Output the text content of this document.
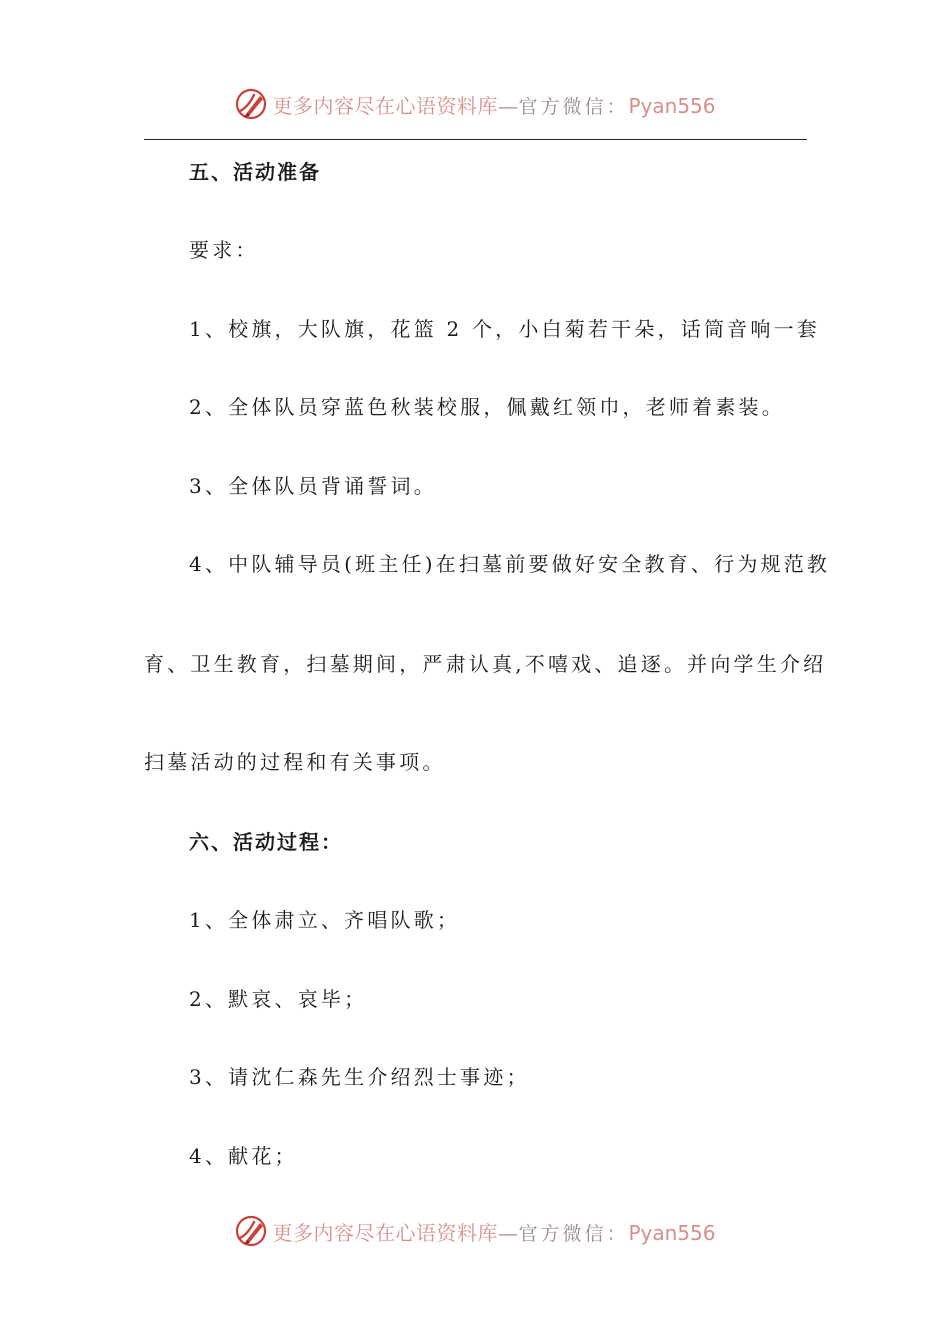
更多内容尽在心语资料库—官方微信：Pyan556
五、活动准备
要求：
1、校旗，大队旗，花篮 2 个，小白菊若干朵，话筒音响一套
2、全体队员穿蓝色秋装校服，佩戴红领巾，老师着素装。
3、全体队员背诵誓词。
4、中队辅导员(班主任)在扫墓前要做好安全教育、行为规范教
育、卫生教育，扫墓期间，严肃认真,不嘻戏、追逐。并向学生介绍
扫墓活动的过程和有关事项。
六、活动过程：
1、全体肃立、齐唱队歌；
2、默哀、哀毕；
3、请沈仁森先生介绍烈士事迹；
4、献花；
更多内容尽在心语资料库—官方微信：Pyan556
